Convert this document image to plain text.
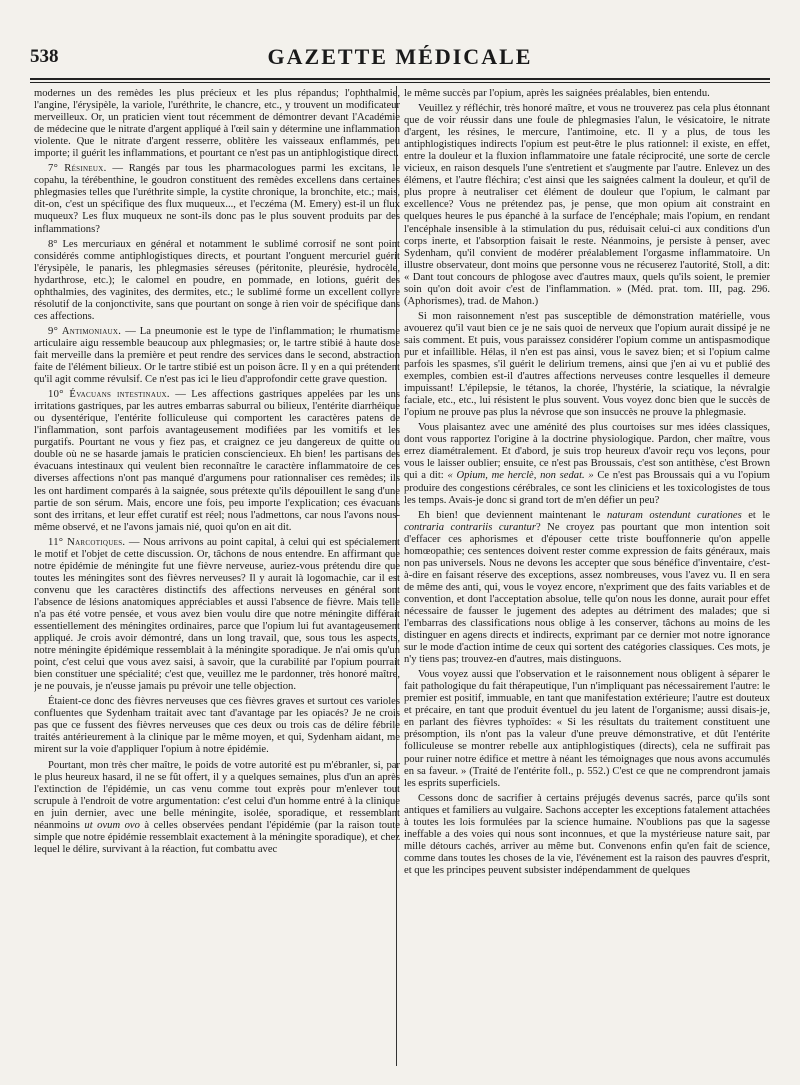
538	GAZETTE MÉDICALE

modernes un des remèdes les plus précieux et les plus répandus; l'ophthalmie, l'angine, l'érysipèle, la variole, l'uréthrite, le chancre, etc., y trouvent un modificateur merveilleux. Or, un praticien vient tout récemment de démontrer devant l'Académie de médecine que le nitrate d'argent appliqué à l'œil sain y détermine une inflammation violente. Que le nitrate d'argent resserre, oblitère les vaisseaux enflammés, peu importe; il guérit les inflammations, et pourtant ce n'est pas un antiphlogistique direct.

7° Résineux. — Rangés par tous les pharmacologues parmi les excitans, le copahu, la térébenthine, le goudron constituent des remèdes excellens dans certaines phlegmasies telles que l'uréthrite simple, la cystite chronique, la bronchite, etc.; mais, dit-on, c'est un spécifique des flux muqueux..., et l'eczéma (M. Emery) est-il un flux muqueux? Les flux muqueux ne sont-ils donc pas le plus souvent produits par des inflammations?

8° Les mercuriaux en général et notamment le sublimé corrosif ne sont point considérés comme antiphlogistiques directs, et pourtant l'onguent mercuriel guérit l'érysipèle, le panaris, les phlegmasies séreuses (péritonite, pleurésie, hydrocèle, hydarthrose, etc.); le calomel en poudre, en pommade, en lotions, guérit des ophthalmies, des vaginites, des dermites, etc.; le sublimé forme un excellent collyre résolutif de la conjonctivite, sans que pourtant on songe à rien voir de spécifique dans ces affections.

9° Antimoniaux. — La pneumonie est le type de l'inflammation; le rhumatisme articulaire aigu ressemble beaucoup aux phlegmasies; or, le tartre stibié à haute dose fait merveille dans la première et peut rendre des services dans le second, abstraction faite de l'élément bilieux. Or le tartre stibié est un poison âcre. Il y en a qui prétendent qu'il agit comme révulsif. Ce n'est pas ici le lieu d'approfondir cette grave question.

10° Évacuans intestinaux. — Les affections gastriques appelées par les uns irritations gastriques, par les autres embarras saburral ou bilieux, l'entérite diarrhéique ou dysentérique, l'entérite folliculeuse qui comportent les caractères patens de l'inflammation, sont parfois avantageusement modifiées par les vomitifs et les purgatifs. Pourtant ne vous y fiez pas, et craignez ce jeu dangereux de quitte ou double où ne se hasarde jamais le praticien consciencieux. Eh bien! les partisans des évacuans intestinaux qui veulent bien reconnaître le caractère inflammatoire de ces diverses affections n'ont pas manqué d'argumens pour rationnaliser ces remèdes; ils les ont hardiment comparés à la saignée, sous prétexte qu'ils dépouillent le sang d'une partie de son sérum. Mais, encore une fois, peu importe l'explication; ces évacuans sont des irritans, et leur effet curatif est réel; nous l'admettons, car nous l'avons nous-même observé, et ne l'avons jamais nié, quoi qu'on en ait dit.

11° Narcotiques. — Nous arrivons au point capital, à celui qui est spécialement le motif et l'objet de cette discussion. Or, tâchons de nous entendre. En affirmant que notre épidémie de méningite fut une fièvre nerveuse, auriez-vous prétendu dire que toutes les méningites sont des fièvres nerveuses? Il y aurait là logomachie, car il est convenu que les caractères distinctifs des affections nerveuses en général sont l'absence de lésions anatomiques appréciables et aussi l'absence de fièvre. Mais telle n'a pas été votre pensée, et vous avez bien voulu dire que notre méningite différait essentiellement des méningites ordinaires, parce que l'opium lui fut avantageusement appliqué. Je crois avoir démontré, dans un long travail, que, sous tous les aspects, notre méningite épidémique ressemblait à la méningite sporadique. Je n'ai omis qu'un point, c'est celui que vous avez saisi, à savoir, que la curabilité par l'opium pourrait bien constituer une spécialité; c'est que, veuillez me le pardonner, très honoré maître, je ne pouvais, je n'eusse jamais pu prévoir une telle objection.

Étaient-ce donc des fièvres nerveuses que ces fièvres graves et surtout ces varioles confluentes que Sydenham traitait avec tant d'avantage par les opiacés? Je ne crois pas que ce fussent des fièvres nerveuses que ces deux ou trois cas de délire fébrile traités antérieurement à la clinique par le même moyen, et qui, Sydenham aidant, me mirent sur la voie d'appliquer l'opium à notre épidémie.

Pourtant, mon très cher maître, le poids de votre autorité est pu m'ébranler, si, par le plus heureux hasard, il ne se fût offert, il y a quelques semaines, plus d'un an après l'extinction de l'épidémie, un cas venu comme tout exprès pour m'enlever tout scrupule à l'endroit de votre argumentation: c'est celui d'un homme entré à la clinique en juin dernier, avec une belle méningite, isolée, sporadique, et ressemblant néanmoins ut ovum ovo à celles observées pendant l'épidémie (par la raison toute simple que notre épidémie ressemblait exactement à la méningite sporadique), et chez lequel le délire, survivant à la réaction, fut combattu avec

le même succès par l'opium, après les saignées préalables, bien entendu.

Veuillez y réfléchir, très honoré maître, et vous ne trouverez pas cela plus étonnant que de voir réussir dans une foule de phlegmasies l'alun, le vésicatoire, le nitrate d'argent, les résines, le mercure, l'antimoine, etc. Il y a plus, de tous les antiphlogistiques indirects l'opium est peut-être le plus rationnel: il existe, en effet, entre la douleur et la fluxion inflammatoire une fatale réciprocité, une sorte de cercle vicieux, en raison desquels l'une s'entretient et s'augmente par l'autre. Enlevez un des élémens, et l'autre fléchira; c'est ainsi que les saignées calment la douleur, et qu'il de plus propre à neutraliser cet élément de douleur que l'opium, le calmant par excellence? Vous ne prétendez pas, je pense, que mon opium ait constraint en quelques heures le pus épanché à la surface de l'encéphale; mais l'opium, en rendant l'encéphale insensible à la stimulation du pus, réduisait celui-ci aux conditions d'un corps inerte, et l'absorption faisait le reste. Néanmoins, je persiste à penser, avec Sydenham, qu'il convient de modérer préalablement l'orgasme inflammatoire. Un illustre observateur, dont moins que personne vous ne récuserez l'autorité, Stoll, a dit: « Dant tout concours de phlogose avec d'autres maux, quels qu'ils soient, le premier soin qu'on doit avoir c'est de l'inflammation. » (Méd. prat. tom. III, pag. 296. (Aphorismes), trad. de Mahon.)

Si mon raisonnement n'est pas susceptible de démonstration matérielle, vous avouerez qu'il vaut bien ce je ne sais quoi de nerveux que l'opium aurait dissipé je ne sais comment. Et puis, vous paraissez considérer l'opium comme un antispasmodique pur et infaillible. Hélas, il n'en est pas ainsi, vous le savez bien; et si l'opium calme parfois les spasmes, s'il guérit le delirium tremens, ainsi que j'en ai vu et publié des exemples, combien est-il d'autres affections nerveuses contre lesquelles il demeure impuissant! L'épilepsie, le tétanos, la chorée, l'hystérie, la sciatique, la névralgie faciale, etc., etc., lui résistent le plus souvent. Vous voyez donc bien que le succès de l'opium ne prouve pas plus la névrose que son insuccès ne prouve la phlegmasie.

Vous plaisantez avec une aménité des plus courtoises sur mes idées classiques, dont vous rapportez l'origine à la doctrine physiologique. Pardon, cher maître, vous errez diamétralement. Et d'abord, je suis trop heureux d'avoir reçu vos leçons, pour vous le laisser oublier; ensuite, ce n'est pas Broussais, c'est son antithèse, c'est Brown qui a dit: « Opium, me herclè, non sedat. » Ce n'est pas Broussais qui a vu l'opium produire des congestions cérébrales, ce sont les cliniciens et les toxicologistes de tous les temps. Avais-je donc si grand tort de m'en défier un peu?

Eh bien! que deviennent maintenant le naturam ostendunt curationes et le contraria contrariis curantur? Ne croyez pas pourtant que mon intention soit d'effacer ces aphorismes et d'épouser cette triste bouffonnerie qu'on appelle homœopathie; ces sentences doivent rester comme expression de faits généraux, mais non pas universels. Nous ne devons les accepter que sous bénéfice d'inventaire, c'est-à-dire en faisant réserve des exceptions, assez nombreuses, vous l'avez vu. Il en sera de même des anti, qui, vous le voyez encore, n'expriment que des faits variables et de convention, et dont l'acceptation absolue, telle qu'on nous les donne, aurait pour effet nécessaire de fausser le jugement des adeptes au détriment des malades; que si l'embarras des classifications nous oblige à les conserver, tâchons au moins de les distinguer en agens directs et indirects, exprimant par ce dernier mot notre ignorance sur le mode d'action intime de ceux qui sortent des catégories classiques. Ces mots, je n'y tiens pas; trouvez-en d'autres, mais distinguons.

Vous voyez aussi que l'observation et le raisonnement nous obligent à séparer le fait pathologique du fait thérapeutique, l'un n'impliquant pas nécessairement l'autre: le premier est positif, immuable, en tant que manifestation extérieure; l'autre est douteux et précaire, en tant que produit éventuel du jeu latent de l'organisme; aussi disais-je, en parlant des fièvres typhoïdes: « Si les résultats du traitement constituent une présomption, ils n'ont pas la valeur d'une preuve démonstrative, et dût l'entérite folliculeuse se montrer rebelle aux antiphlogistiques (directs), cela ne suffirait pas pour ruiner notre édifice et mettre à néant les témoignages que nous avons accumulés en sa faveur. » (Traité de l'entérite foll., p. 552.) C'est ce que ne comprendront jamais les esprits superficiels.

Cessons donc de sacrifier à certains préjugés devenus sacrés, parce qu'ils sont antiques et familiers au vulgaire. Sachons accepter les exceptions fatalement attachées à toutes les lois formulées par la science humaine. N'oublions pas que la sagesse ineffable a des voies qui nous sont inconnues, et que la mystérieuse nature sait, par mille détours cachés, arriver au même but. Convenons enfin qu'en fait de science, comme dans toutes les choses de la vie, l'événement est la raison des pauvres d'esprit, et que les principes peuvent subsister indépendamment de quelques
